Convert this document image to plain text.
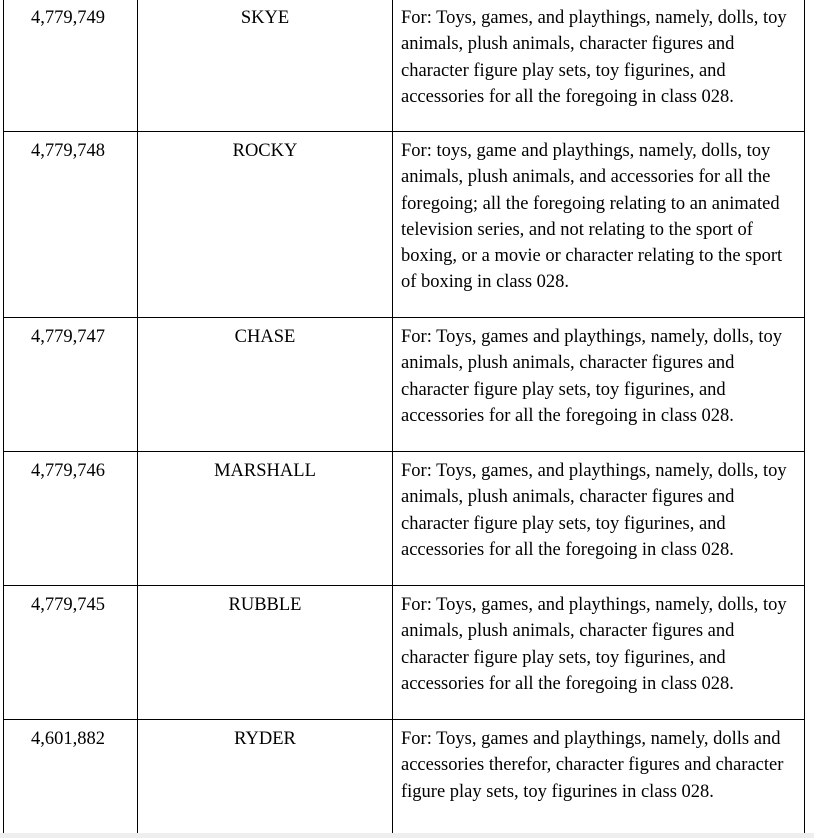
4,779,749	SKYE	For: Toys, games, and playthings, namely, dolls, toy animals, plush animals, character figures and character figure play sets, toy figurines, and accessories for all the foregoing in class 028.
4,779,748	ROCKY	For: toys, game and playthings, namely, dolls, toy animals, plush animals, and accessories for all the foregoing; all the foregoing relating to an animated television series, and not relating to the sport of boxing, or a movie or character relating to the sport of boxing in class 028.
4,779,747	CHASE	For: Toys, games and playthings, namely, dolls, toy animals, plush animals, character figures and character figure play sets, toy figurines, and accessories for all the foregoing in class 028.
4,779,746	MARSHALL	For: Toys, games, and playthings, namely, dolls, toy animals, plush animals, character figures and character figure play sets, toy figurines, and accessories for all the foregoing in class 028.
4,779,745	RUBBLE	For: Toys, games, and playthings, namely, dolls, toy animals, plush animals, character figures and character figure play sets, toy figurines, and accessories for all the foregoing in class 028.
4,601,882	RYDER	For: Toys, games and playthings, namely, dolls and accessories therefor, character figures and character figure play sets, toy figurines in class 028.
